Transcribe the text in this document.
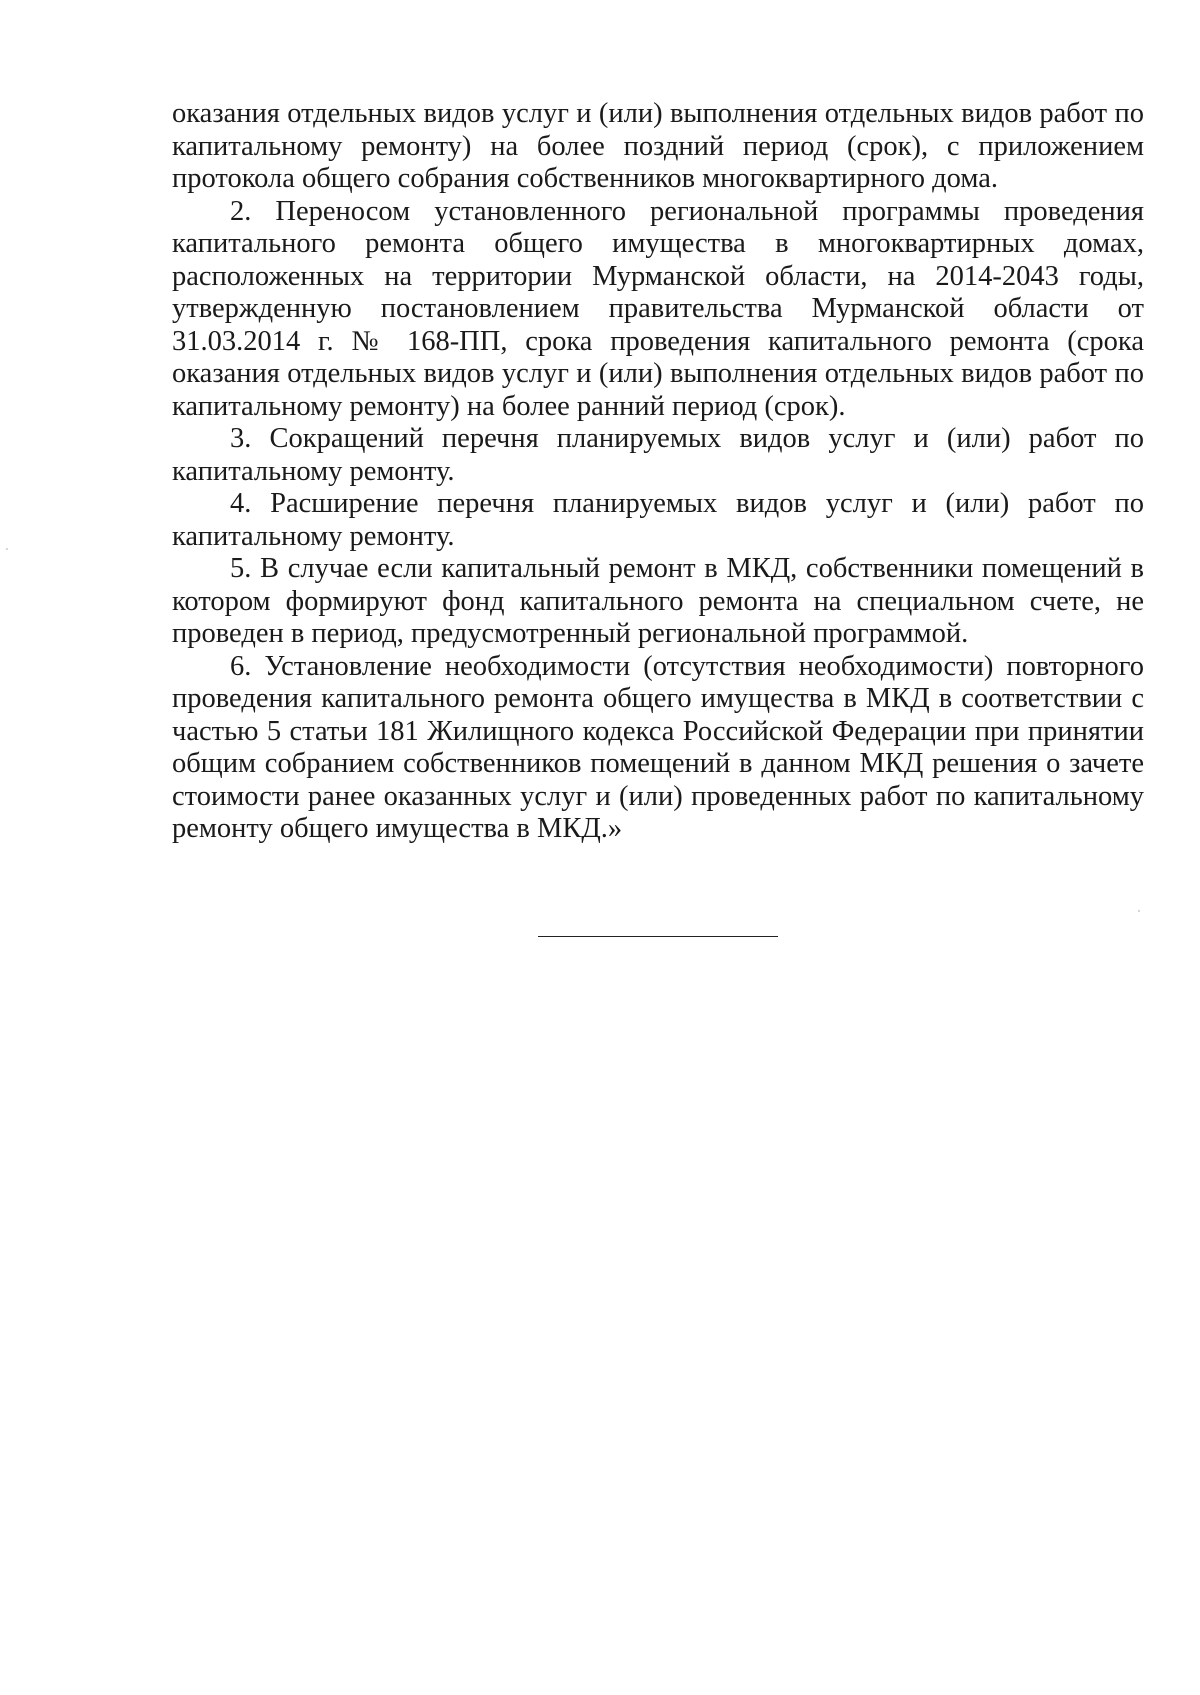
оказания отдельных видов услуг и (или) выполнения отдельных видов работ по капитальному ремонту) на более поздний период (срок), с приложением протокола общего собрания собственников многоквартирного дома.

2. Переносом установленного региональной программы проведения капитального ремонта общего имущества в многоквартирных домах, расположенных на территории Мурманской области, на 2014-2043 годы, утвержденную постановлением правительства Мурманской области от 31.03.2014 г. № 168-ПП, срока проведения капитального ремонта (срока оказания отдельных видов услуг и (или) выполнения отдельных видов работ по капитальному ремонту) на более ранний период (срок).

3. Сокращений перечня планируемых видов услуг и (или) работ по капитальному ремонту.

4. Расширение перечня планируемых видов услуг и (или) работ по капитальному ремонту.

5. В случае если капитальный ремонт в МКД, собственники помещений в котором формируют фонд капитального ремонта на специальном счете, не проведен в период, предусмотренный региональной программой.

6. Установление необходимости (отсутствия необходимости) повторного проведения капитального ремонта общего имущества в МКД в соответствии с частью 5 статьи 181 Жилищного кодекса Российской Федерации при принятии общим собранием собственников помещений в данном МКД решения о зачете стоимости ранее оказанных услуг и (или) проведенных работ по капитальному ремонту общего имущества в МКД.»
